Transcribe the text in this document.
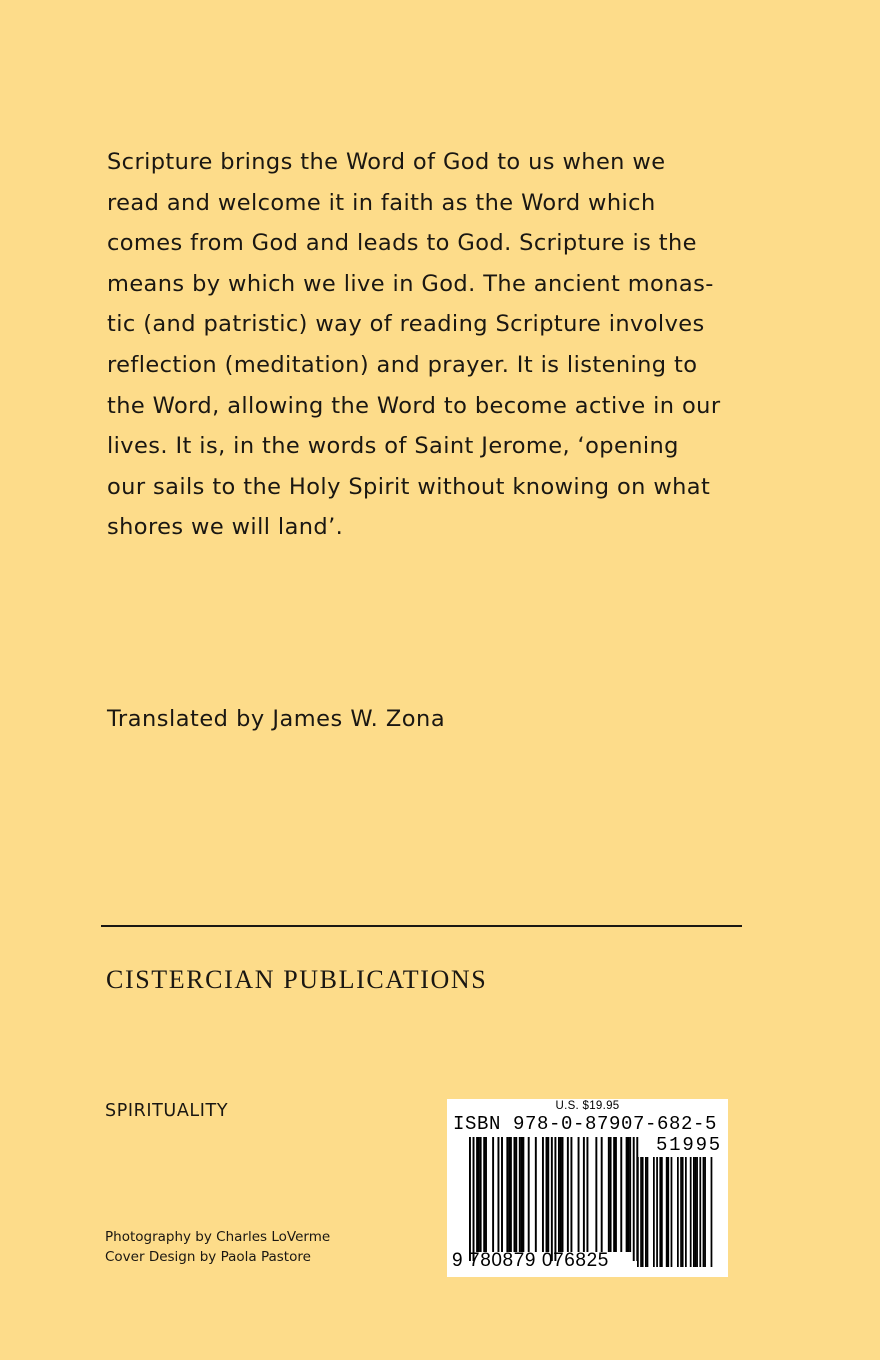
Scripture brings the Word of God to us when we
read and welcome it in faith as the Word which
comes from God and leads to God. Scripture is the
means by which we live in God. The ancient monas-
tic (and patristic) way of reading Scripture involves
reflection (meditation) and prayer. It is listening to
the Word, allowing the Word to become active in our
lives. It is, in the words of Saint Jerome, ‘opening
our sails to the Holy Spirit without knowing on what
shores we will land’.

Translated by James W. Zona

CISTERCIAN PUBLICATIONS

SPIRITUALITY

Photography by Charles LoVerme
Cover Design by Paola Pastore
U.S. $19.95
ISBN 978-0-87907-682-5
51995
9 780879 076825
